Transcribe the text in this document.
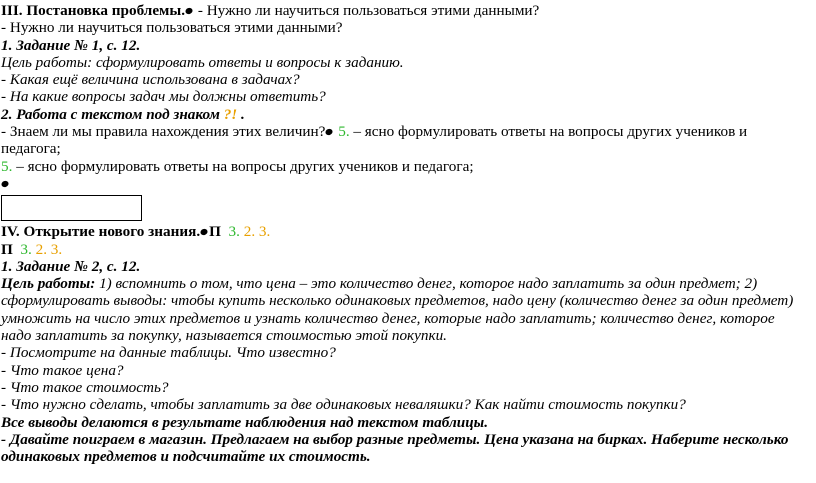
III. Постановка проблемы. - Нужно ли научиться пользоваться этими данными?
- Нужно ли научиться пользоваться этими данными?
1. Задание № 1, с. 12.
Цель работы: сформулировать ответы и вопросы к заданию.
- Какая ещё величина использована в задачах?
- На какие вопросы задач мы должны ответить?
2. Работа с текстом под знаком ?! .
- Знаем ли мы правила нахождения этих величин? 5. – ясно формулировать ответы на вопросы других учеников и педагога;
5. – ясно формулировать ответы на вопросы других учеников и педагога;
IV. Открытие нового знания. П 3. 2. 3.
П 3. 2. 3.
1. Задание № 2, с. 12.
Цель работы: 1) вспомнить о том, что цена – это количество денег, которое надо заплатить за один предмет; 2) сформулировать выводы: чтобы купить несколько одинаковых предметов, надо цену (количество денег за один предмет) умножить на число этих предметов и узнать количество денег, которые надо заплатить; количество денег, которое надо заплатить за покупку, называется стоимостью этой покупки.
- Посмотрите на данные таблицы. Что известно?
- Что такое цена?
- Что такое стоимость?
- Что нужно сделать, чтобы заплатить за две одинаковых неваляшки? Как найти стоимость покупки?
Все выводы делаются в результате наблюдения над текстом таблицы.
- Давайте поиграем в магазин. Предлагаем на выбор разные предметы. Цена указана на бирках. Наберите несколько одинаковых предметов и подсчитайте их стоимость.
